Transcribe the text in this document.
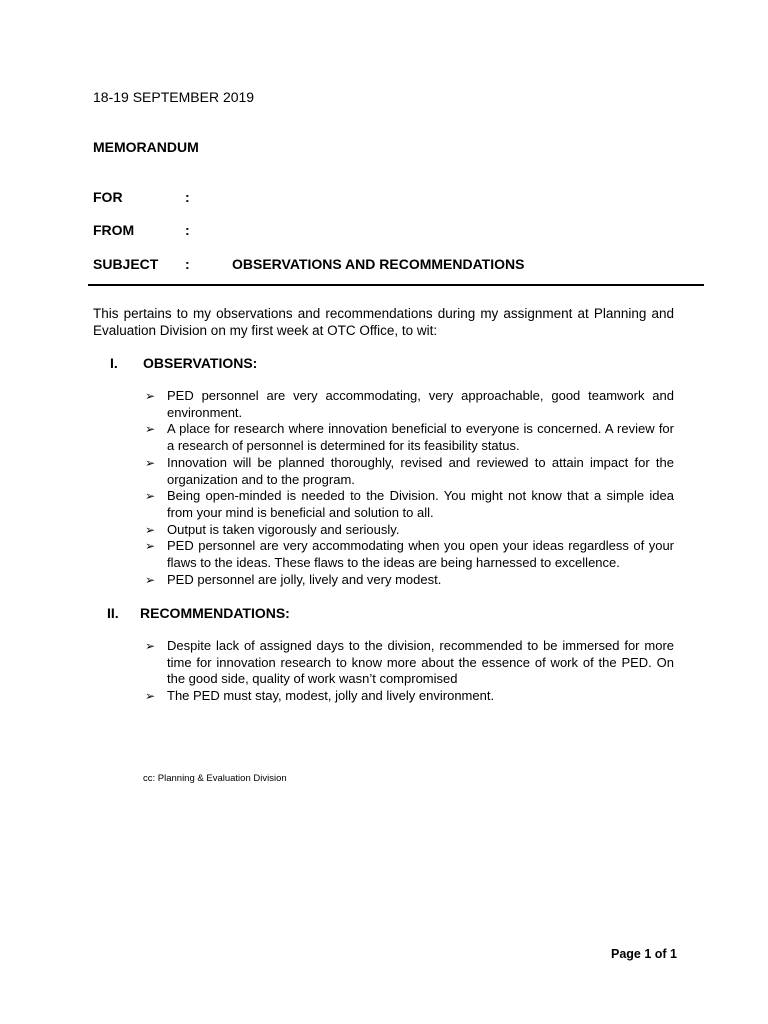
18-19 SEPTEMBER 2019
MEMORANDUM
FOR	:
FROM	:
SUBJECT :	OBSERVATIONS AND RECOMMENDATIONS
This pertains to my observations and recommendations during my assignment at Planning and Evaluation Division on my first week at OTC Office, to wit:
I. OBSERVATIONS:
➢ PED personnel are very accommodating, very approachable, good teamwork and environment.
➢ A place for research where innovation beneficial to everyone is concerned. A review for a research of personnel is determined for its feasibility status.
➢ Innovation will be planned thoroughly, revised and reviewed to attain impact for the organization and to the program.
➢ Being open-minded is needed to the Division. You might not know that a simple idea from your mind is beneficial and solution to all.
➢ Output is taken vigorously and seriously.
➢ PED personnel are very accommodating when you open your ideas regardless of your flaws to the ideas. These flaws to the ideas are being harnessed to excellence.
➢ PED personnel are jolly, lively and very modest.
II. RECOMMENDATIONS:
➢ Despite lack of assigned days to the division, recommended to be immersed for more time for innovation research to know more about the essence of work of the PED. On the good side, quality of work wasn’t compromised
➢ The PED must stay, modest, jolly and lively environment.
cc: Planning & Evaluation Division
Page 1 of 1
